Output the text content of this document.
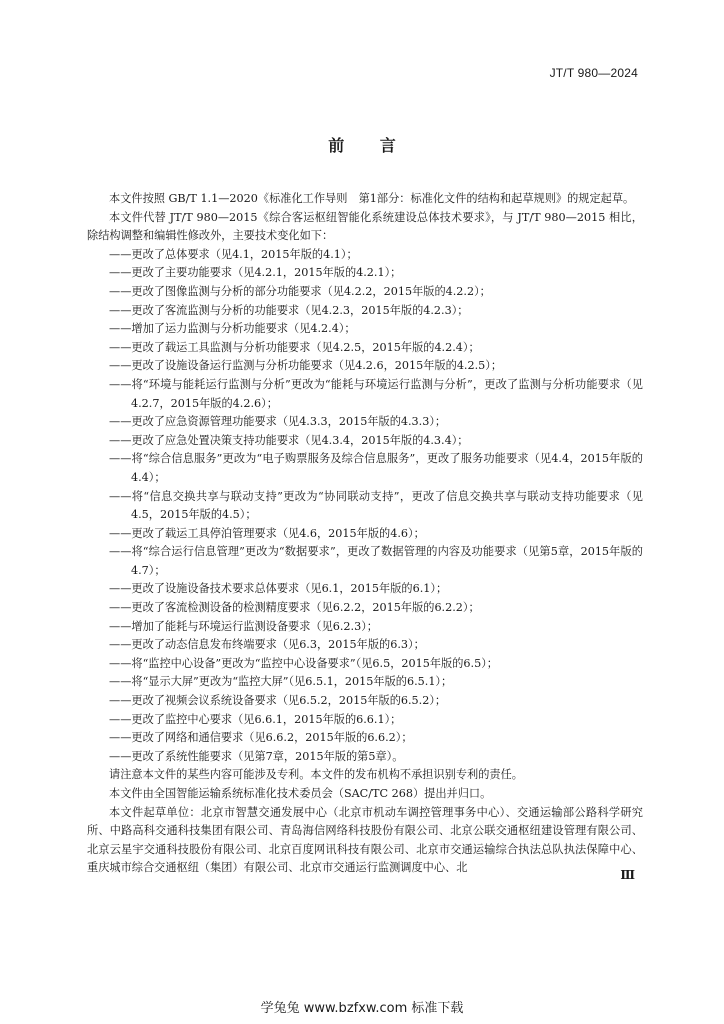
JT/T 980—2024
前 言

本文件按照 GB/T 1.1—2020《标准化工作导则　第1部分：标准化文件的结构和起草规则》的规定起草。

本文件代替 JT/T 980—2015《综合客运枢纽智能化系统建设总体技术要求》，与 JT/T 980—2015 相比，除结构调整和编辑性修改外，主要技术变化如下：

——更改了总体要求（见4.1，2015年版的4.1）；

——更改了主要功能要求（见4.2.1，2015年版的4.2.1）；

——更改了图像监测与分析的部分功能要求（见4.2.2，2015年版的4.2.2）；

——更改了客流监测与分析的功能要求（见4.2.3，2015年版的4.2.3）；

——增加了运力监测与分析功能要求（见4.2.4）；

——更改了载运工具监测与分析功能要求（见4.2.5，2015年版的4.2.4）；

——更改了设施设备运行监测与分析功能要求（见4.2.6，2015年版的4.2.5）；

——将“环境与能耗运行监测与分析”更改为“能耗与环境运行监测与分析”，更改了监测与分析功能要求（见4.2.7，2015年版的4.2.6）；

——更改了应急资源管理功能要求（见4.3.3，2015年版的4.3.3）；

——更改了应急处置决策支持功能要求（见4.3.4，2015年版的4.3.4）；

——将“综合信息服务”更改为“电子购票服务及综合信息服务”，更改了服务功能要求（见4.4，2015年版的4.4）；

——将“信息交换共享与联动支持”更改为“协同联动支持”，更改了信息交换共享与联动支持功能要求（见4.5，2015年版的4.5）；

——更改了载运工具停泊管理要求（见4.6，2015年版的4.6）；

——将“综合运行信息管理”更改为“数据要求”，更改了数据管理的内容及功能要求（见第5章，2015年版的4.7）；

——更改了设施设备技术要求总体要求（见6.1，2015年版的6.1）；

——更改了客流检测设备的检测精度要求（见6.2.2，2015年版的6.2.2）；

——增加了能耗与环境运行监测设备要求（见6.2.3）；

——更改了动态信息发布终端要求（见6.3，2015年版的6.3）；

——将“监控中心设备”更改为“监控中心设备要求”（见6.5，2015年版的6.5）；

——将“显示大屏”更改为“监控大屏”（见6.5.1，2015年版的6.5.1）；

——更改了视频会议系统设备要求（见6.5.2，2015年版的6.5.2）；

——更改了监控中心要求（见6.6.1，2015年版的6.6.1）；

——更改了网络和通信要求（见6.6.2，2015年版的6.6.2）；

——更改了系统性能要求（见第7章，2015年版的第5章）。

请注意本文件的某些内容可能涉及专利。本文件的发布机构不承担识别专利的责任。

本文件由全国智能运输系统标准化技术委员会（SAC/TC 268）提出并归口。

本文件起草单位：北京市智慧交通发展中心（北京市机动车调控管理事务中心）、交通运输部公路科学研究所、中路高科交通科技集团有限公司、青岛海信网络科技股份有限公司、北京公联交通枢纽建设管理有限公司、北京云星宇交通科技股份有限公司、北京百度网讯科技有限公司、北京市交通运输综合执法总队执法保障中心、重庆城市综合交通枢纽（集团）有限公司、北京市交通运行监测调度中心、北

Ⅲ
学兔兔 www.bzfxw.com 标准下载
